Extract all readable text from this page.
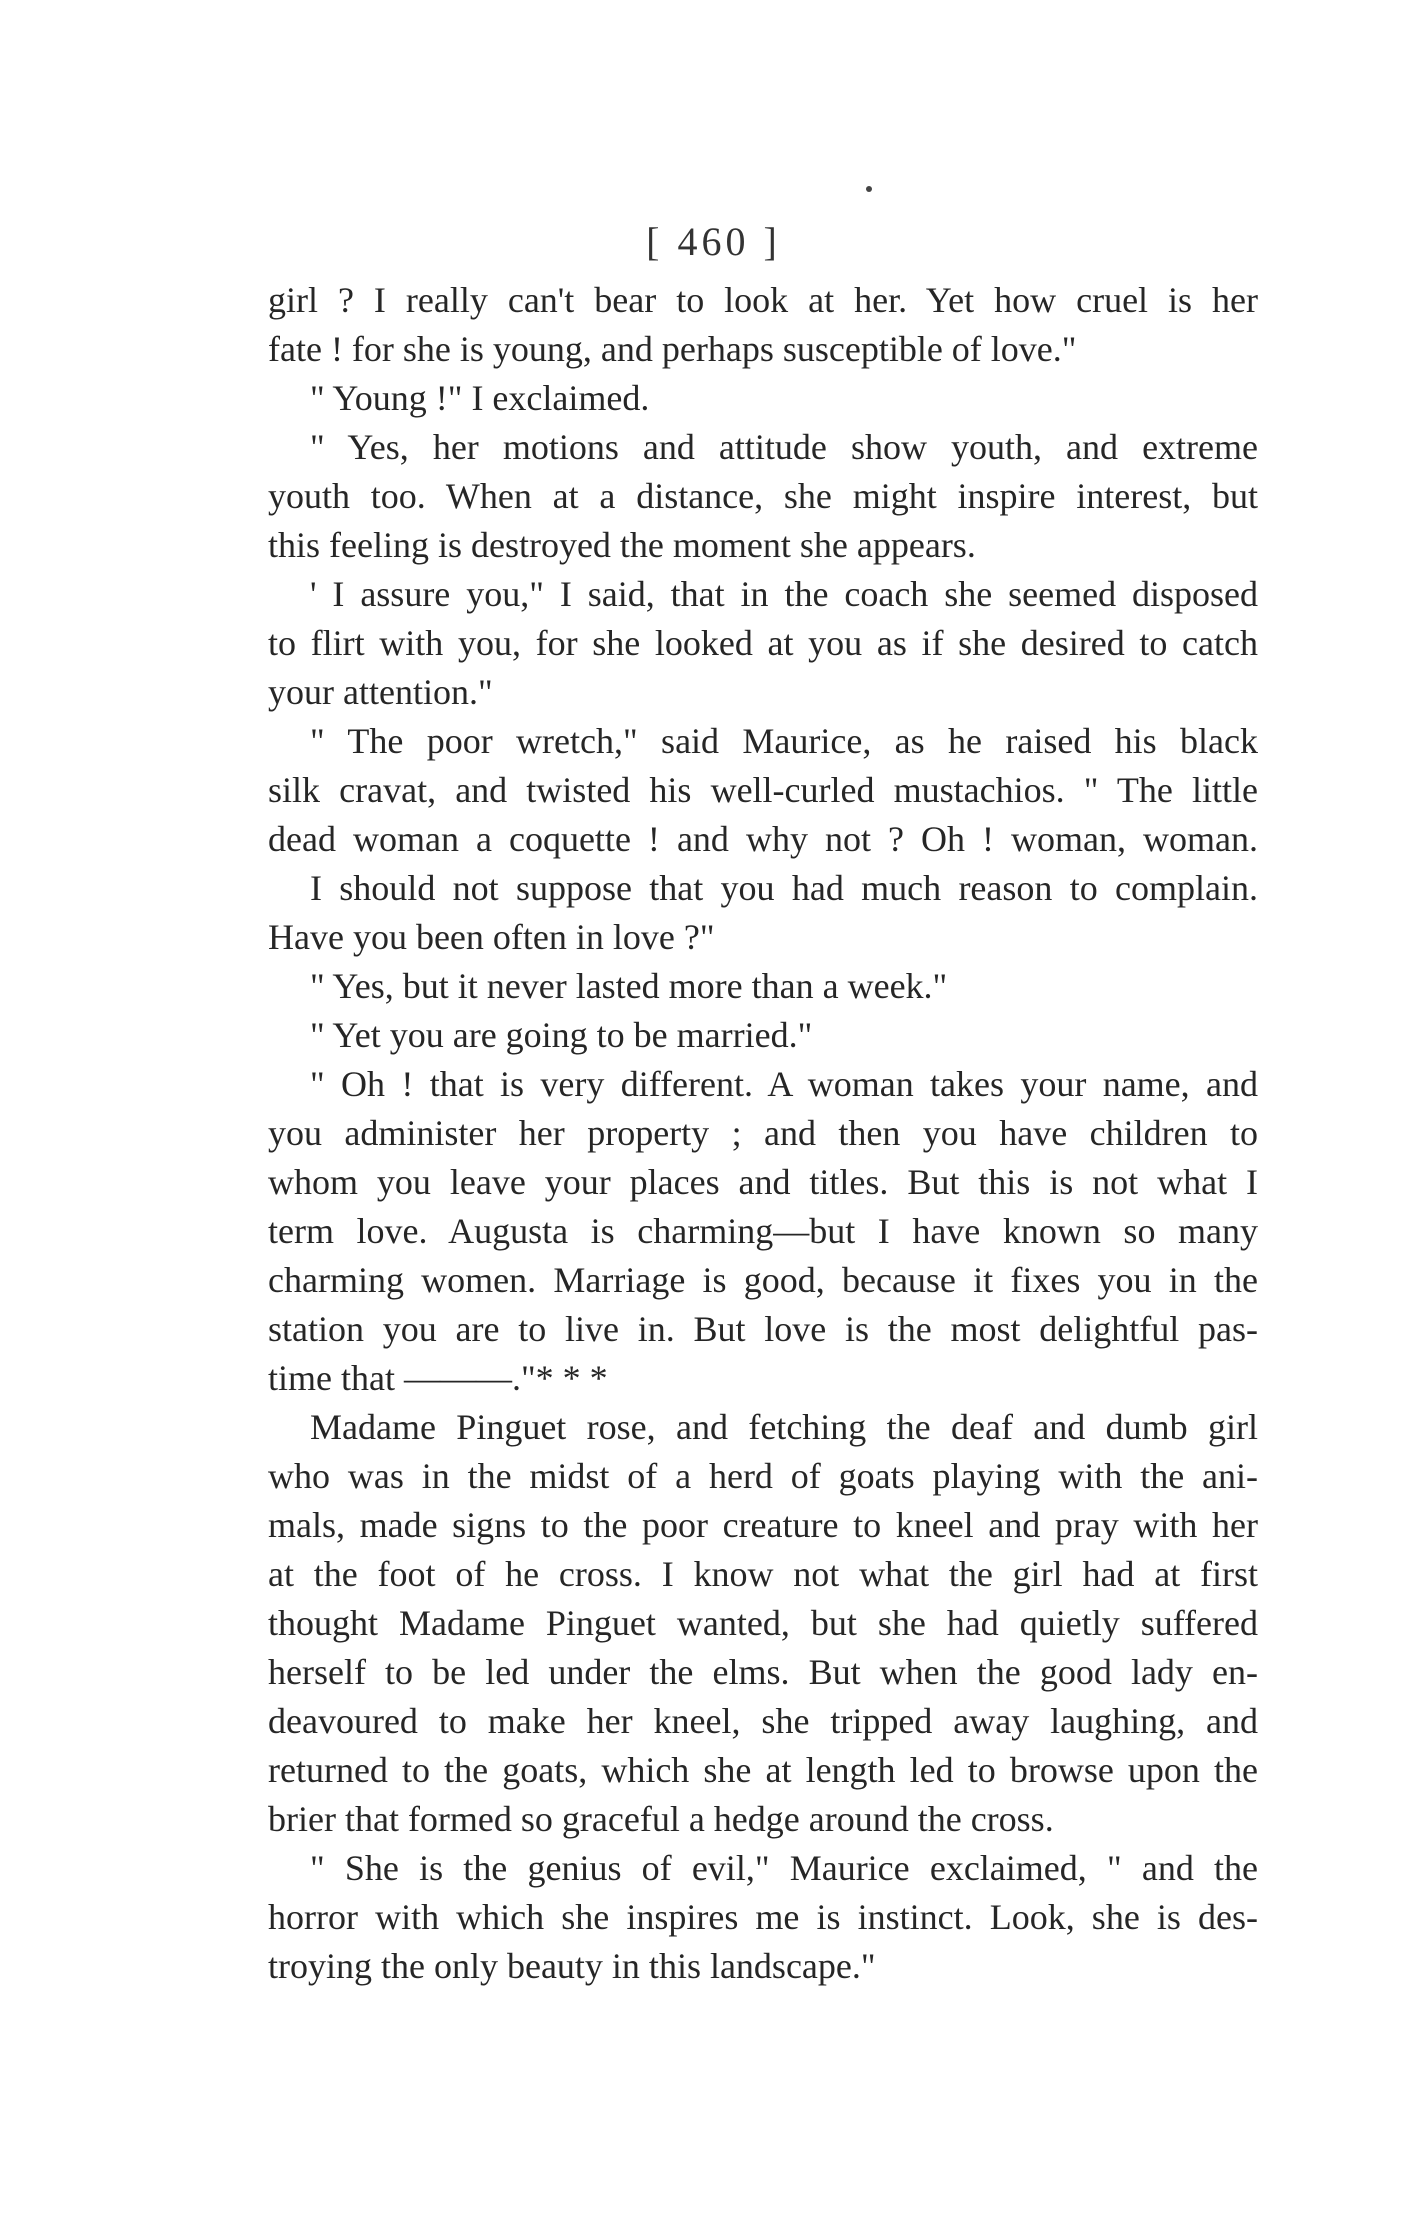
[ 460 ]
girl ? I really can't bear to look at her. Yet how cruel is her
fate ! for she is young, and perhaps susceptible of love."
" Young !" I exclaimed.
" Yes, her motions and attitude show youth, and extreme
youth too. When at a distance, she might inspire interest, but
this feeling is destroyed the moment she appears.
' I assure you," I said, that in the coach she seemed disposed
to flirt with you, for she looked at you as if she desired to catch
your attention."
" The poor wretch," said Maurice, as he raised his black
silk cravat, and twisted his well-curled mustachios. " The little
dead woman a coquette ! and why not ? Oh ! woman, woman.
I should not suppose that you had much reason to complain.
Have you been often in love ?"
" Yes, but it never lasted more than a week."
" Yet you are going to be married."
" Oh ! that is very different. A woman takes your name, and
you administer her property ; and then you have children to
whom you leave your places and titles. But this is not what I
term love. Augusta is charming—but I have known so many
charming women. Marriage is good, because it fixes you in the
station you are to live in. But love is the most delightful pas-
time that ———."* * *
Madame Pinguet rose, and fetching the deaf and dumb girl
who was in the midst of a herd of goats playing with the ani-
mals, made signs to the poor creature to kneel and pray with her
at the foot of he cross. I know not what the girl had at first
thought Madame Pinguet wanted, but she had quietly suffered
herself to be led under the elms. But when the good lady en-
deavoured to make her kneel, she tripped away laughing, and
returned to the goats, which she at length led to browse upon the
brier that formed so graceful a hedge around the cross.
" She is the genius of evil," Maurice exclaimed, " and the
horror with which she inspires me is instinct. Look, she is des-
troying the only beauty in this landscape."
